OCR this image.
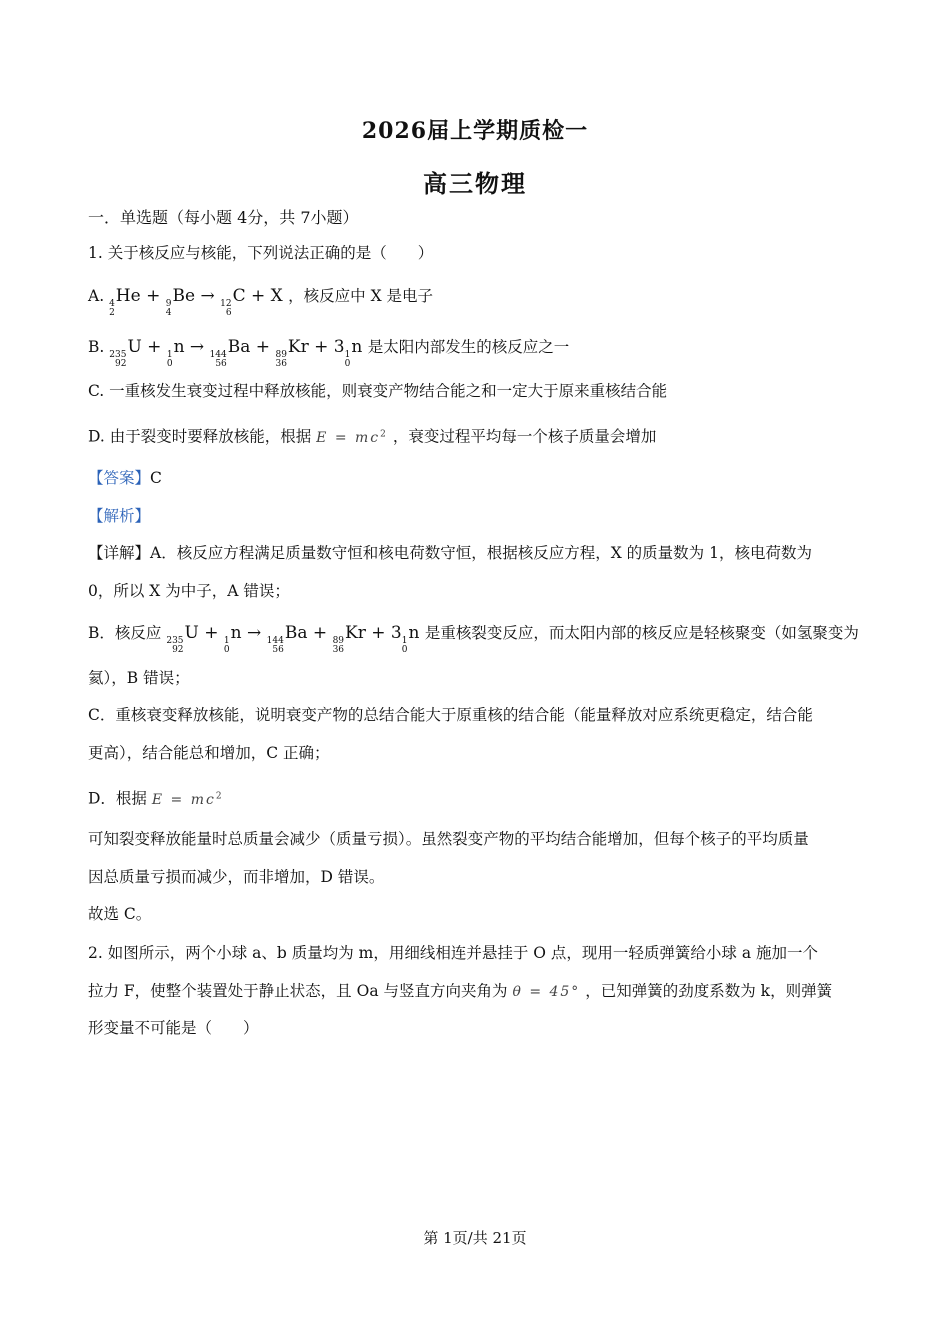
2026届上学期质检一
高三物理
一．单选题（每小题 4分，共 7小题）
1. 关于核反应与核能，下列说法正确的是（　　）
A. 4
2
He + 9
4
Be → 12
6
C + X ，核反应中 X 是电子
B. 235
92
U + 1
0
n → 144
56
Ba + 89
36
Kr + 3 1
0
n 是太阳内部发生的核反应之一
C. 一重核发生衰变过程中释放核能，则衰变产物结合能之和一定大于原来重核结合能
D. 由于裂变时要释放核能，根据 $E = mc^2$ ，衰变过程平均每一个核子质量会增加
【答案】C
【解析】
【详解】A．核反应方程满足质量数守恒和核电荷数守恒，根据核反应方程，X 的质量数为 1，核电荷数为
0，所以 X 为中子，A 错误；
B．核反应 235
92
U + 1
0
n → 144
56
Ba + 89
36
Kr + 3 1
0
n 是重核裂变反应，而太阳内部的核反应是轻核聚变（如氢聚变为
氦），B 错误；
C．重核衰变释放核能，说明衰变产物的总结合能大于原重核的结合能（能量释放对应系统更稳定，结合能
更高），结合能总和增加，C 正确；
D．根据 $E = mc^2$
可知裂变释放能量时总质量会减少（质量亏损）。虽然裂变产物的平均结合能增加，但每个核子的平均质量
因总质量亏损而减少，而非增加，D 错误。
故选 C。
2. 如图所示，两个小球 a、b 质量均为 m，用细线相连并悬挂于 O 点，现用一轻质弹簧给小球 a 施加一个
拉力 F，使整个装置处于静止状态，且 Oa 与竖直方向夹角为 θ = 45° ，已知弹簧的劲度系数为 k，则弹簧
形变量不可能是（　　）
第 1页/共 21页
